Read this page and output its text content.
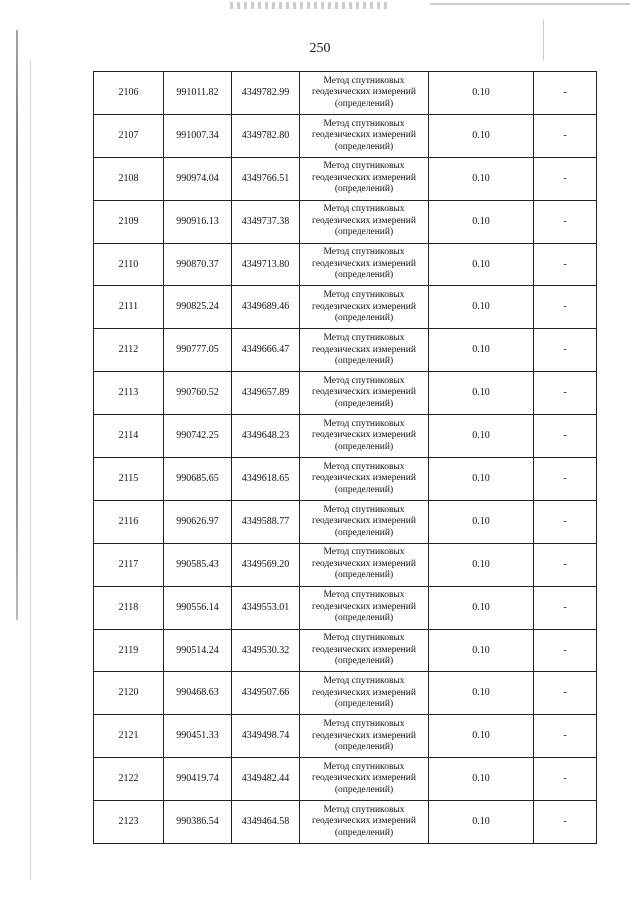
250
2106	991011.82	4349782.99	Метод спутниковых
геодезических измерений
(определений)	0.10	-
2107	991007.34	4349782.80	Метод спутниковых
геодезических измерений
(определений)	0.10	-
2108	990974.04	4349766.51	Метод спутниковых
геодезических измерений
(определений)	0.10	-
2109	990916.13	4349737.38	Метод спутниковых
геодезических измерений
(определений)	0.10	-
2110	990870.37	4349713.80	Метод спутниковых
геодезических измерений
(определений)	0.10	-
2111	990825.24	4349689.46	Метод спутниковых
геодезических измерений
(определений)	0.10	-
2112	990777.05	4349666.47	Метод спутниковых
геодезических измерений
(определений)	0.10	-
2113	990760.52	4349657.89	Метод спутниковых
геодезических измерений
(определений)	0.10	-
2114	990742.25	4349648.23	Метод спутниковых
геодезических измерений
(определений)	0.10	-
2115	990685.65	4349618.65	Метод спутниковых
геодезических измерений
(определений)	0.10	-
2116	990626.97	4349588.77	Метод спутниковых
геодезических измерений
(определений)	0.10	-
2117	990585.43	4349569.20	Метод спутниковых
геодезических измерений
(определений)	0.10	-
2118	990556.14	4349553.01	Метод спутниковых
геодезических измерений
(определений)	0.10	-
2119	990514.24	4349530.32	Метод спутниковых
геодезических измерений
(определений)	0.10	-
2120	990468.63	4349507.66	Метод спутниковых
геодезических измерений
(определений)	0.10	-
2121	990451.33	4349498.74	Метод спутниковых
геодезических измерений
(определений)	0.10	-
2122	990419.74	4349482.44	Метод спутниковых
геодезических измерений
(определений)	0.10	-
2123	990386.54	4349464.58	Метод спутниковых
геодезических измерений
(определений)	0.10	-
